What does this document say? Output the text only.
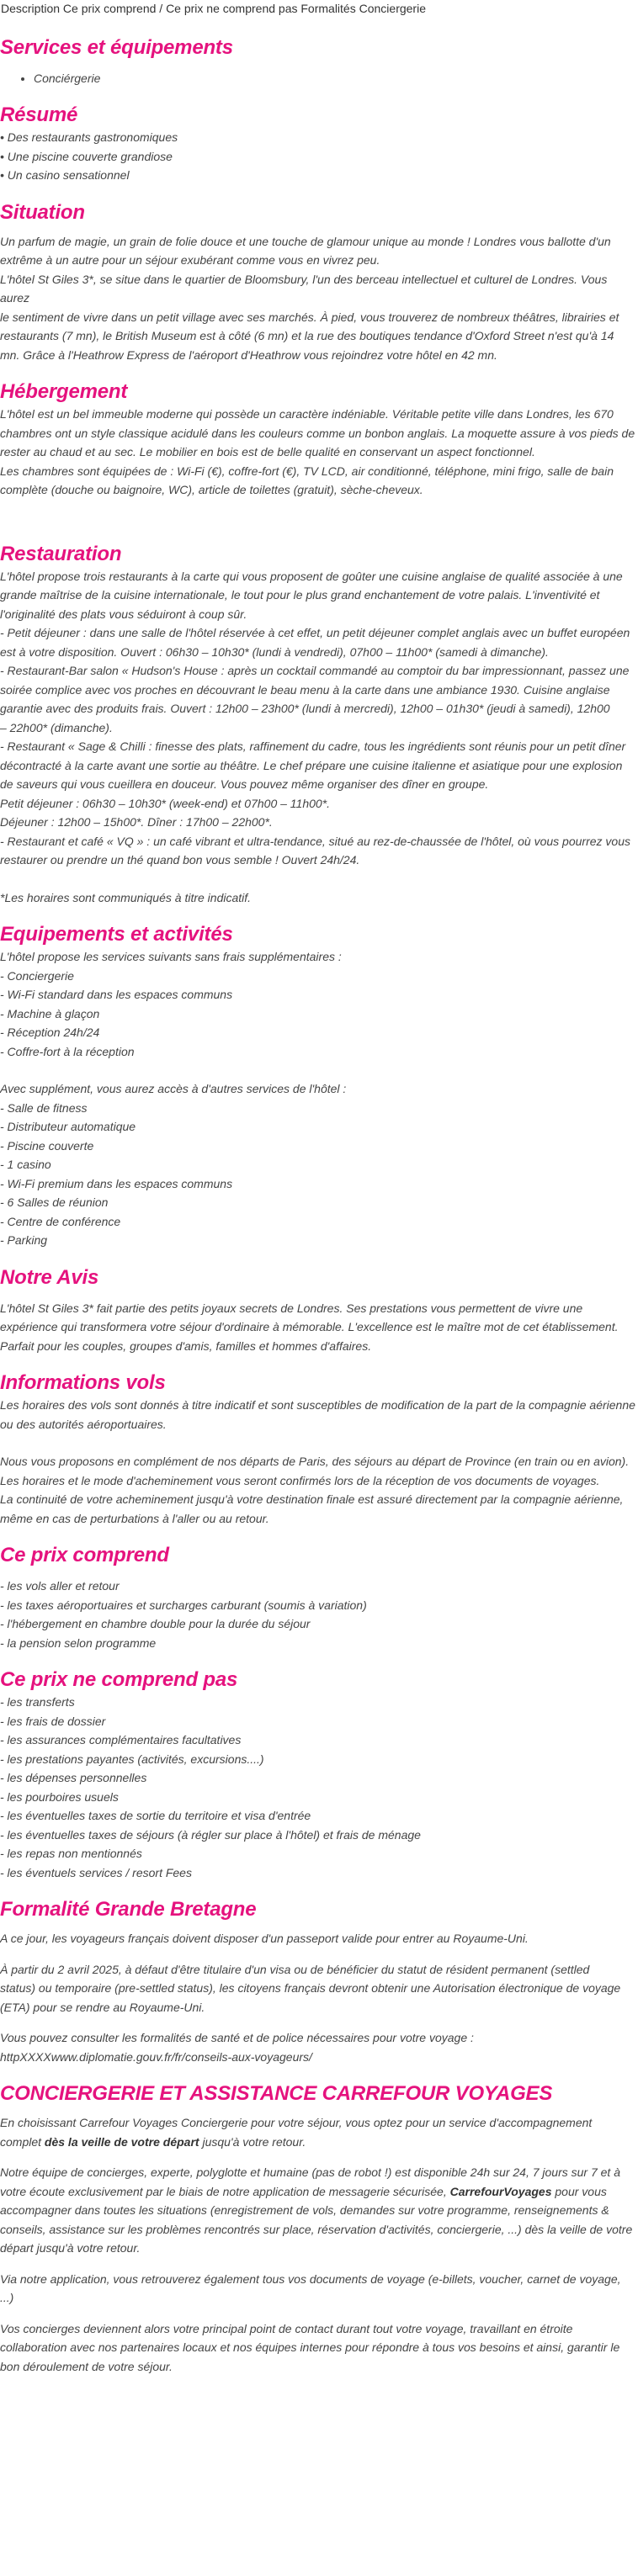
Description Ce prix comprend / Ce prix ne comprend pas Formalités Conciergerie
Services et équipements
• Conciérgerie
Résumé
• Des restaurants gastronomiques
• Une piscine couverte grandiose
• Un casino sensationnel
Situation
Un parfum de magie, un grain de folie douce et une touche de glamour unique au monde ! Londres vous ballotte d'un
extrême à un autre pour un séjour exubérant comme vous en vivrez peu.
L'hôtel St Giles 3*, se situe dans le quartier de Bloomsbury, l'un des berceau intellectuel et culturel de Londres. Vous aurez
le sentiment de vivre dans un petit village avec ses marchés. À pied, vous trouverez de nombreux théâtres, librairies et
restaurants (7 mn), le British Museum est à côté (6 mn) et la rue des boutiques tendance d'Oxford Street n'est qu'à 14
mn. Grâce à l'Heathrow Express de l'aéroport d'Heathrow vous rejoindrez votre hôtel en 42 mn.
Hébergement
L'hôtel est un bel immeuble moderne qui possède un caractère indéniable. Véritable petite ville dans Londres, les 670
chambres ont un style classique acidulé dans les couleurs comme un bonbon anglais. La moquette assure à vos pieds de
rester au chaud et au sec. Le mobilier en bois est de belle qualité en conservant un aspect fonctionnel.
Les chambres sont équipées de : Wi-Fi (€), coffre-fort (€), TV LCD, air conditionné, téléphone, mini frigo, salle de bain
complète (douche ou baignoire, WC), article de toilettes (gratuit), sèche-cheveux.
Restauration
L'hôtel propose trois restaurants à la carte qui vous proposent de goûter une cuisine anglaise de qualité associée à une
grande maîtrise de la cuisine internationale, le tout pour le plus grand enchantement de votre palais. L'inventivité et
l'originalité des plats vous séduiront à coup sûr.
- Petit déjeuner : dans une salle de l'hôtel réservée à cet effet, un petit déjeuner complet anglais avec un buffet européen
est à votre disposition. Ouvert : 06h30 – 10h30* (lundi à vendredi), 07h00 – 11h00* (samedi à dimanche).
- Restaurant-Bar salon « Hudson's House : après un cocktail commandé au comptoir du bar impressionnant, passez une
soirée complice avec vos proches en découvrant le beau menu à la carte dans une ambiance 1930. Cuisine anglaise
garantie avec des produits frais. Ouvert : 12h00 – 23h00* (lundi à mercredi), 12h00 – 01h30* (jeudi à samedi), 12h00
– 22h00* (dimanche).
- Restaurant « Sage & Chilli : finesse des plats, raffinement du cadre, tous les ingrédients sont réunis pour un petit dîner
décontracté à la carte avant une sortie au théâtre. Le chef prépare une cuisine italienne et asiatique pour une explosion
de saveurs qui vous cueillera en douceur. Vous pouvez même organiser des dîner en groupe.
Petit déjeuner : 06h30 – 10h30* (week-end) et 07h00 – 11h00*.
Déjeuner : 12h00 – 15h00*. Dîner : 17h00 – 22h00*.
- Restaurant et café « VQ » : un café vibrant et ultra-tendance, situé au rez-de-chaussée de l'hôtel, où vous pourrez vous
restaurer ou prendre un thé quand bon vous semble ! Ouvert 24h/24.
*Les horaires sont communiqués à titre indicatif.
Equipements et activités
L'hôtel propose les services suivants sans frais supplémentaires :
- Conciergerie
- Wi-Fi standard dans les espaces communs
- Machine à glaçon
- Réception 24h/24
- Coffre-fort à la réception
Avec supplément, vous aurez accès à d'autres services de l'hôtel :
- Salle de fitness
- Distributeur automatique
- Piscine couverte
- 1 casino
- Wi-Fi premium dans les espaces communs
- 6 Salles de réunion
- Centre de conférence
- Parking
Notre Avis
L'hôtel St Giles 3* fait partie des petits joyaux secrets de Londres. Ses prestations vous permettent de vivre une
expérience qui transformera votre séjour d'ordinaire à mémorable. L'excellence est le maître mot de cet établissement.
Parfait pour les couples, groupes d'amis, familles et hommes d'affaires.
Informations vols
Les horaires des vols sont donnés à titre indicatif et sont susceptibles de modification de la part de la compagnie aérienne
ou des autorités aéroportuaires.
Nous vous proposons en complément de nos départs de Paris, des séjours au départ de Province (en train ou en avion).
Les horaires et le mode d'acheminement vous seront confirmés lors de la réception de vos documents de voyages.
La continuité de votre acheminement jusqu'à votre destination finale est assuré directement par la compagnie aérienne,
même en cas de perturbations à l'aller ou au retour.
Ce prix comprend
- les vols aller et retour
- les taxes aéroportuaires et surcharges carburant (soumis à variation)
- l'hébergement en chambre double pour la durée du séjour
- la pension selon programme
Ce prix ne comprend pas
- les transferts
- les frais de dossier
- les assurances complémentaires facultatives
- les prestations payantes (activités, excursions....)
- les dépenses personnelles
- les pourboires usuels
- les éventuelles taxes de sortie du territoire et visa d'entrée
- les éventuelles taxes de séjours (à régler sur place à l'hôtel) et frais de ménage
- les repas non mentionnés
- les éventuels services / resort Fees
Formalité Grande Bretagne
A ce jour, les voyageurs français doivent disposer d'un passeport valide pour entrer au Royaume-Uni.
À partir du 2 avril 2025, à défaut d'être titulaire d'un visa ou de bénéficier du statut de résident permanent (settled
status) ou temporaire (pre-settled status), les citoyens français devront obtenir une Autorisation électronique de voyage
(ETA) pour se rendre au Royaume-Uni.
Vous pouvez consulter les formalités de santé et de police nécessaires pour votre voyage :
httpXXXXwww.diplomatie.gouv.fr/fr/conseils-aux-voyageurs/
CONCIERGERIE ET ASSISTANCE CARREFOUR VOYAGES
En choisissant Carrefour Voyages Conciergerie pour votre séjour, vous optez pour un service d'accompagnement
complet dès la veille de votre départ jusqu'à votre retour.
Notre équipe de concierges, experte, polyglotte et humaine (pas de robot !) est disponible 24h sur 24, 7 jours sur 7 et à
votre écoute exclusivement par le biais de notre application de messagerie sécurisée, CarrefourVoyages pour vous
accompagner dans toutes les situations (enregistrement de vols, demandes sur votre programme, renseignements &
conseils, assistance sur les problèmes rencontrés sur place, réservation d'activités, conciergerie, ...) dès la veille de votre
départ jusqu'à votre retour.
Via notre application, vous retrouverez également tous vos documents de voyage (e-billets, voucher, carnet de voyage,
...)
Vos concierges deviennent alors votre principal point de contact durant tout votre voyage, travaillant en étroite
collaboration avec nos partenaires locaux et nos équipes internes pour répondre à tous vos besoins et ainsi, garantir le
bon déroulement de votre séjour.
